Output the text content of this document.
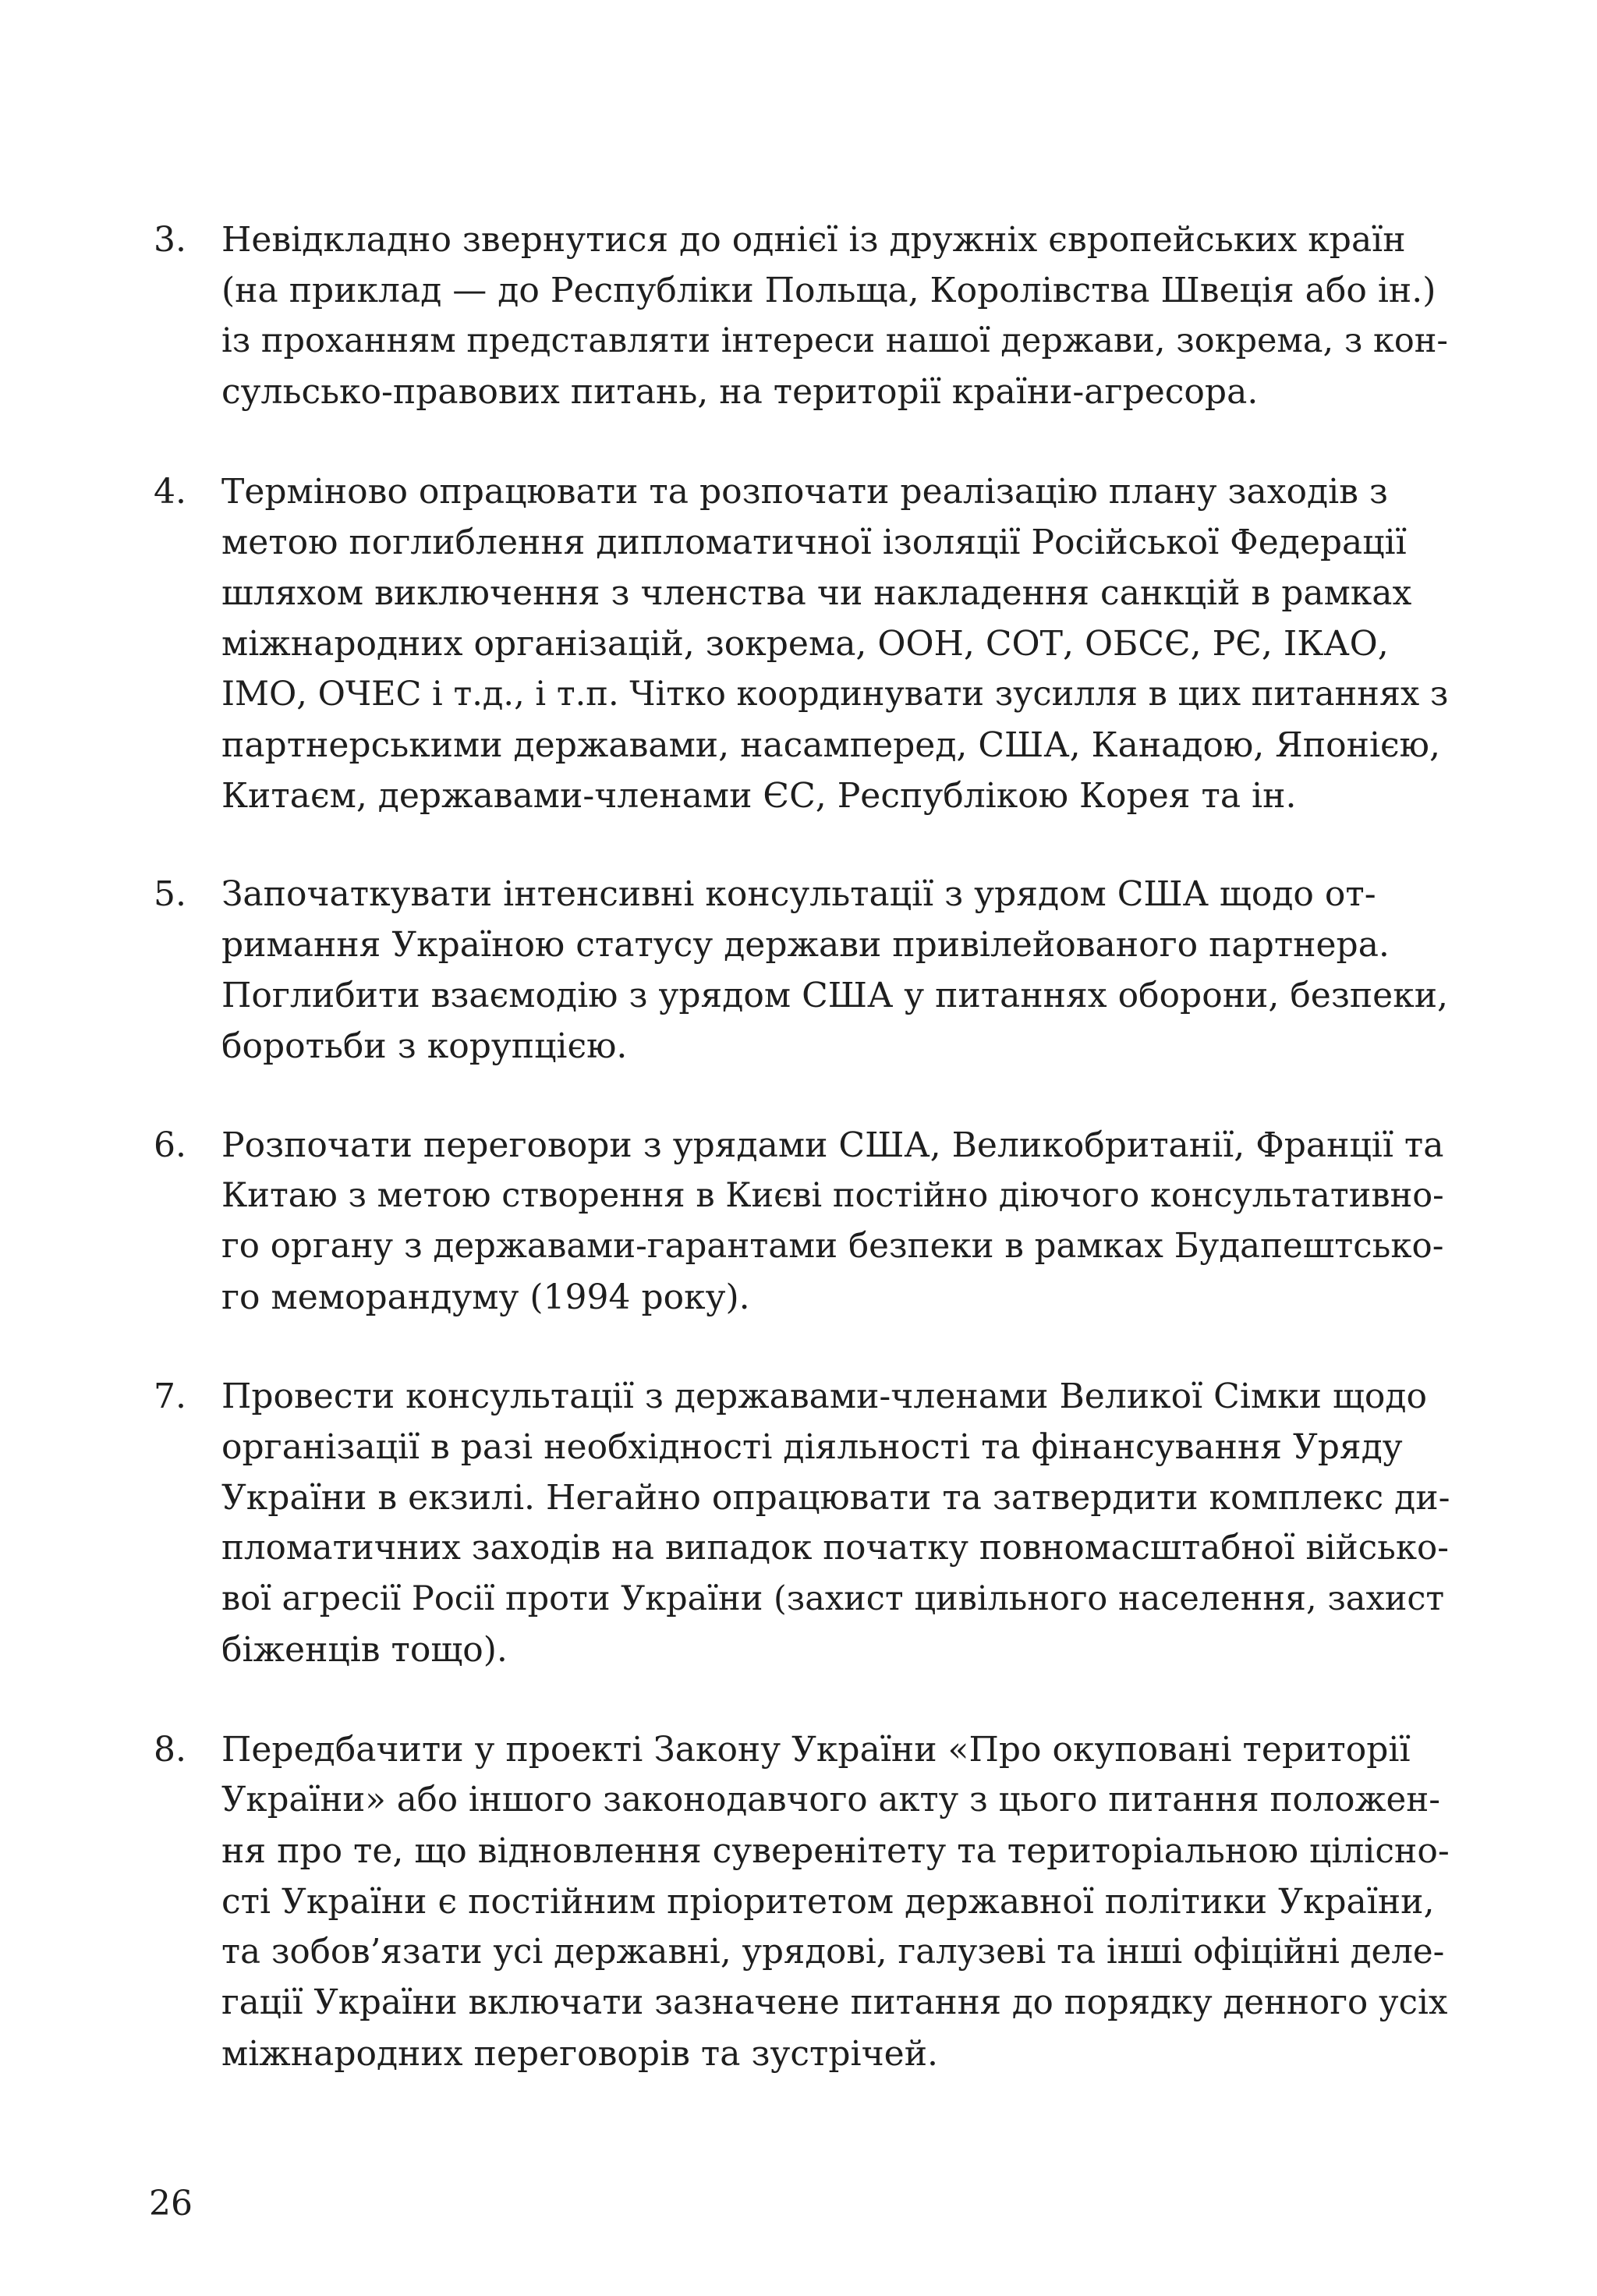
3. Невідкладно звернутися до однієї із дружніх європейських країн
(на приклад — до Республіки Польща, Королівства Швеція або ін.)
із проханням представляти інтереси нашої держави, зокрема, з кон-
сульсько-правових питань, на території країни-агресора.
4. Терміново опрацювати та розпочати реалізацію плану заходів з
метою поглиблення дипломатичної ізоляції Російської Федерації
шляхом виключення з членства чи накладення санкцій в рамках
міжнародних організацій, зокрема, ООН, СОТ, ОБСЄ, РЄ, ІКАО,
ІМО, ОЧЕС і т.д., і т.п. Чітко координувати зусилля в цих питаннях з
партнерськими державами, насамперед, США, Канадою, Японією,
Китаєм, державами-членами ЄС, Республікою Корея та ін.
5. Започаткувати інтенсивні консультації з урядом США щодо от-
римання Україною статусу держави привілейованого партнера.
Поглибити взаємодію з урядом США у питаннях оборони, безпеки,
боротьби з корупцією.
6. Розпочати переговори з урядами США, Великобританії, Франції та
Китаю з метою створення в Києві постійно діючого консультативно-
го органу з державами-гарантами безпеки в рамках Будапештсько-
го меморандуму (1994 року).
7. Провести консультації з державами-членами Великої Сімки щодо
організації в разі необхідності діяльності та фінансування Уряду
України в екзилі. Негайно опрацювати та затвердити комплекс ди-
пломатичних заходів на випадок початку повномасштабної військо-
вої агресії Росії проти України (захист цивільного населення, захист
біженців тощо).
8. Передбачити у проекті Закону України «Про окуповані території
України» або іншого законодавчого акту з цього питання положен-
ня про те, що відновлення суверенітету та територіальною цілісно-
сті України є постійним пріоритетом державної політики України,
та зобов’язати усі державні, урядові, галузеві та інші офіційні деле-
гації України включати зазначене питання до порядку денного усіх
міжнародних переговорів та зустрічей.
26
